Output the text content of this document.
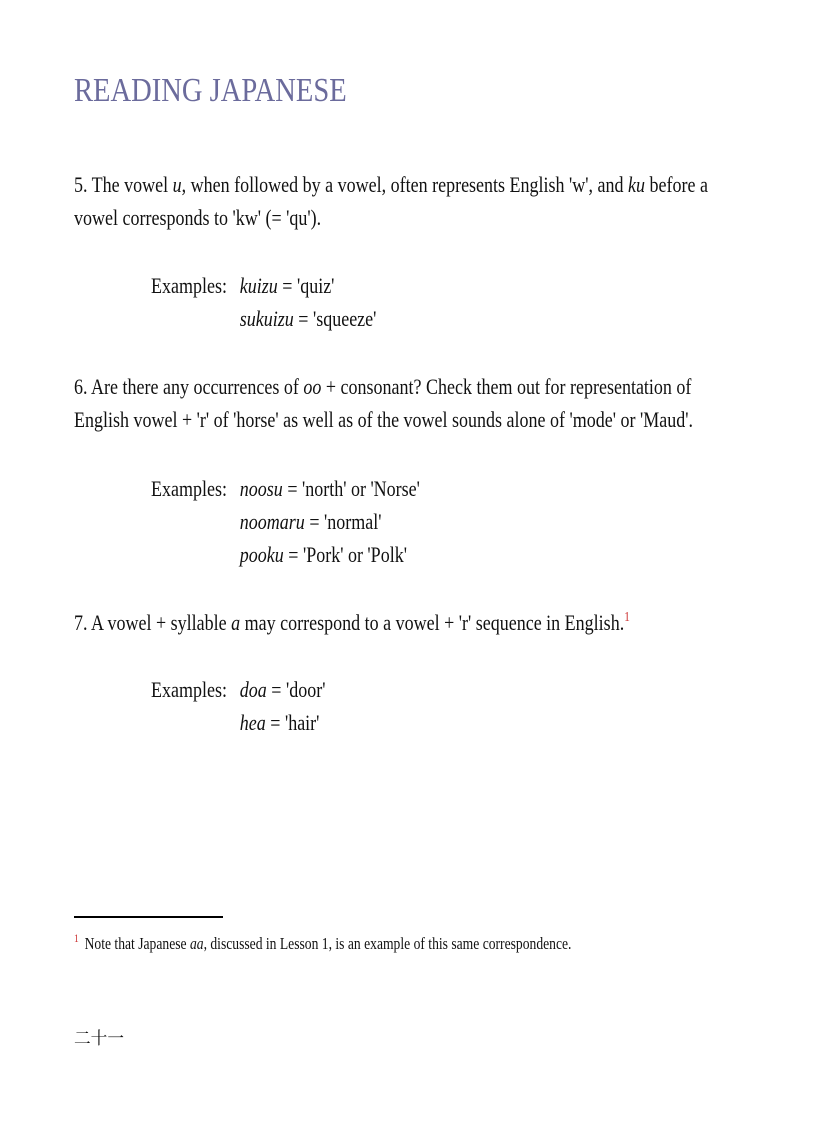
READING JAPANESE

5. The vowel u, when followed by a vowel, often represents English 'w', and ku before a vowel corresponds to 'kw' (= 'qu').

Examples: kuizu = 'quiz'
sukuizu = 'squeeze'

6. Are there any occurrences of oo + consonant? Check them out for representation of English vowel + 'r' of 'horse' as well as of the vowel sounds alone of 'mode' or 'Maud'.

Examples: noosu = 'north' or 'Norse'
noomaru = 'normal'
pooku = 'Pork' or 'Polk'

7. A vowel + syllable a may correspond to a vowel + 'r' sequence in English.$^1$

Examples: doa = 'door'
hea = 'hair'

$^1$ Note that Japanese aa, discussed in Lesson 1, is an example of this same correspondence.

二十一
